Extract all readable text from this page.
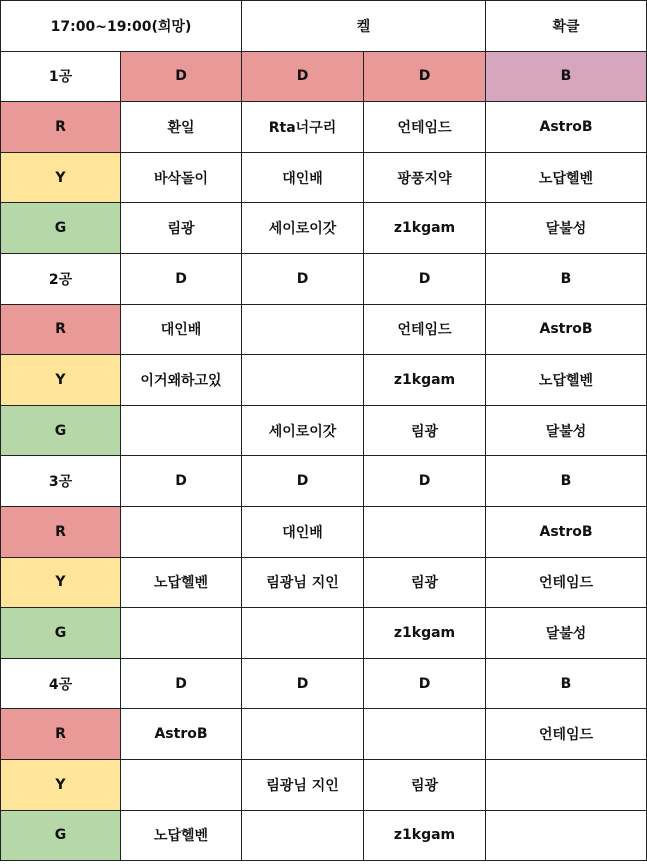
17:00~19:00(희망)		켈		확클
1공	D	D	D	B
R	환일	Rta너구리	언테임드	AstroB
Y	바삭돌이	대인배	팡풍지약	노답헬벤
G	림광	세이로이갓	z1kgam	달불성
2공	D	D	D	B
R	대인배		언테임드	AstroB
Y	이거왜하고있		z1kgam	노답헬벤
G		세이로이갓	림광	달불성
3공	D	D	D	B
R		대인배		AstroB
Y	노답헬벤	림광님 지인	림광	언테임드
G			z1kgam	달불성
4공	D	D	D	B
R	AstroB			언테임드
Y		림광님 지인	림광	
G	노답헬벤		z1kgam	
